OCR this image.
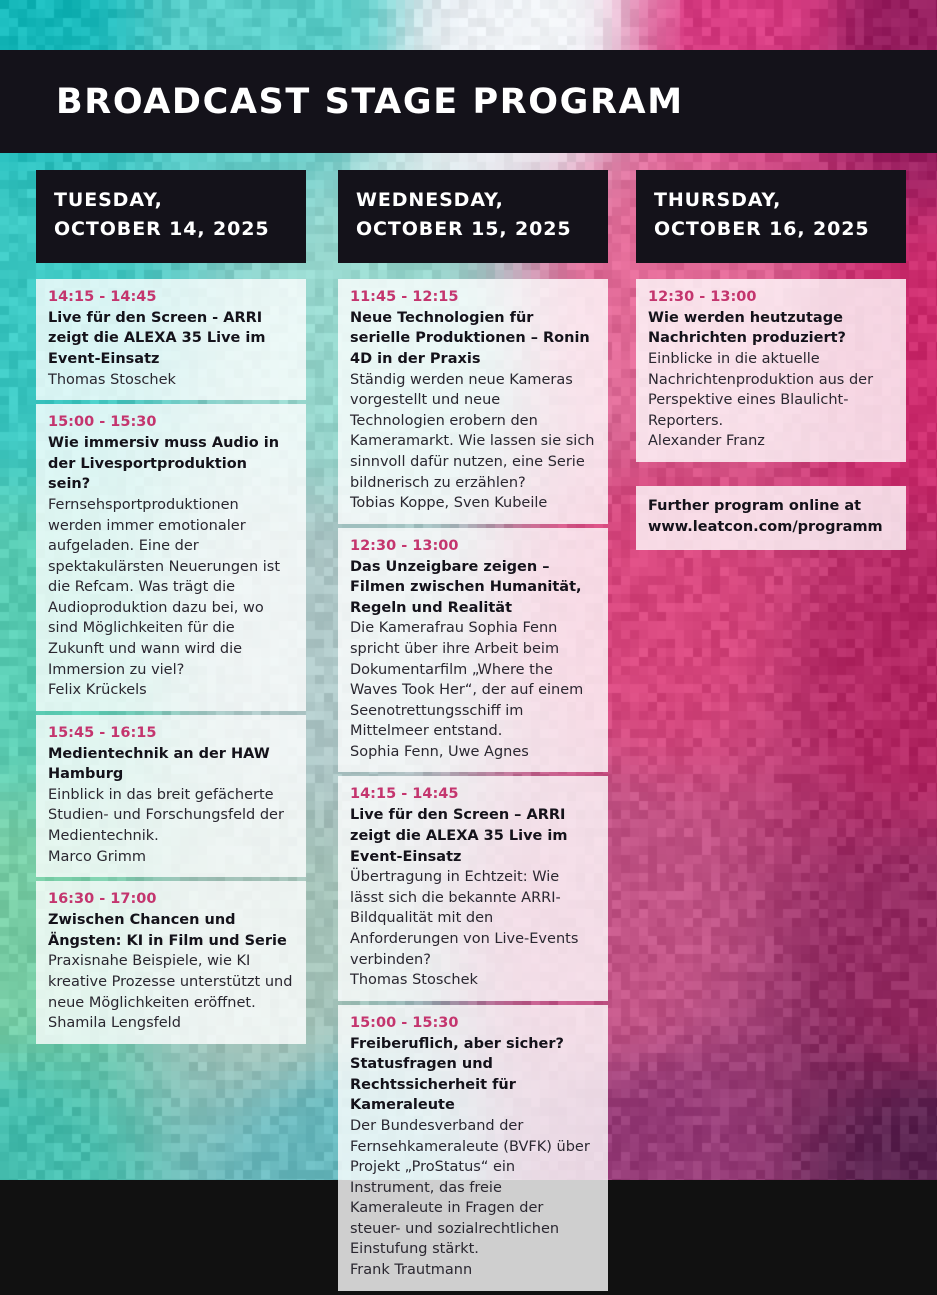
BROADCAST STAGE PROGRAM
TUESDAY,
OCTOBER 14, 2025
14:15 - 14:45
Live für den Screen - ARRI zeigt die ALEXA 35 Live im Event-Einsatz
Thomas Stoschek
15:00 - 15:30
Wie immersiv muss Audio in der Livesportproduktion sein?
Fernsehsportproduktionen werden immer emotionaler aufgeladen. Eine der spektakulärsten Neuerungen ist die Refcam. Was trägt die Audioproduktion dazu bei, wo sind Möglichkeiten für die Zukunft und wann wird die Immersion zu viel?
Felix Krückels
15:45 - 16:15
Medientechnik an der HAW Hamburg
Einblick in das breit gefächerte Studien- und Forschungsfeld der Medientechnik.
Marco Grimm
16:30 - 17:00
Zwischen Chancen und Ängsten: KI in Film und Serie
Praxisnahe Beispiele, wie KI kreative Prozesse unterstützt und neue Möglichkeiten eröffnet.
Shamila Lengsfeld
WEDNESDAY,
OCTOBER 15, 2025
11:45 - 12:15
Neue Technologien für serielle Produktionen – Ronin 4D in der Praxis
Ständig werden neue Kameras vorgestellt und neue Technologien erobern den Kameramarkt. Wie lassen sie sich sinnvoll dafür nutzen, eine Serie bildnerisch zu erzählen?
Tobias Koppe, Sven Kubeile
12:30 - 13:00
Das Unzeigbare zeigen – Filmen zwischen Humanität, Regeln und Realität
Die Kamerafrau Sophia Fenn spricht über ihre Arbeit beim Dokumentarfilm „Where the Waves Took Her“, der auf einem Seenotrettungsschiff im Mittelmeer entstand.
Sophia Fenn, Uwe Agnes
14:15 - 14:45
Live für den Screen – ARRI zeigt die ALEXA 35 Live im Event-Einsatz
Übertragung in Echtzeit: Wie lässt sich die bekannte ARRI-Bildqualität mit den Anforderungen von Live-Events verbinden?
Thomas Stoschek
15:00 - 15:30
Freiberuflich, aber sicher? Statusfragen und Rechtssicherheit für Kameraleute
Der Bundesverband der Fernsehkameraleute (BVFK) über Projekt „ProStatus“ ein Instrument, das freie Kameraleute in Fragen der steuer- und sozialrechtlichen Einstufung stärkt.
Frank Trautmann
THURSDAY,
OCTOBER 16, 2025
12:30 - 13:00
Wie werden heutzutage Nachrichten produziert?
Einblicke in die aktuelle Nachrichtenproduktion aus der Perspektive eines Blaulicht-Reporters.
Alexander Franz
Further program online at
www.leatcon.com/programm
